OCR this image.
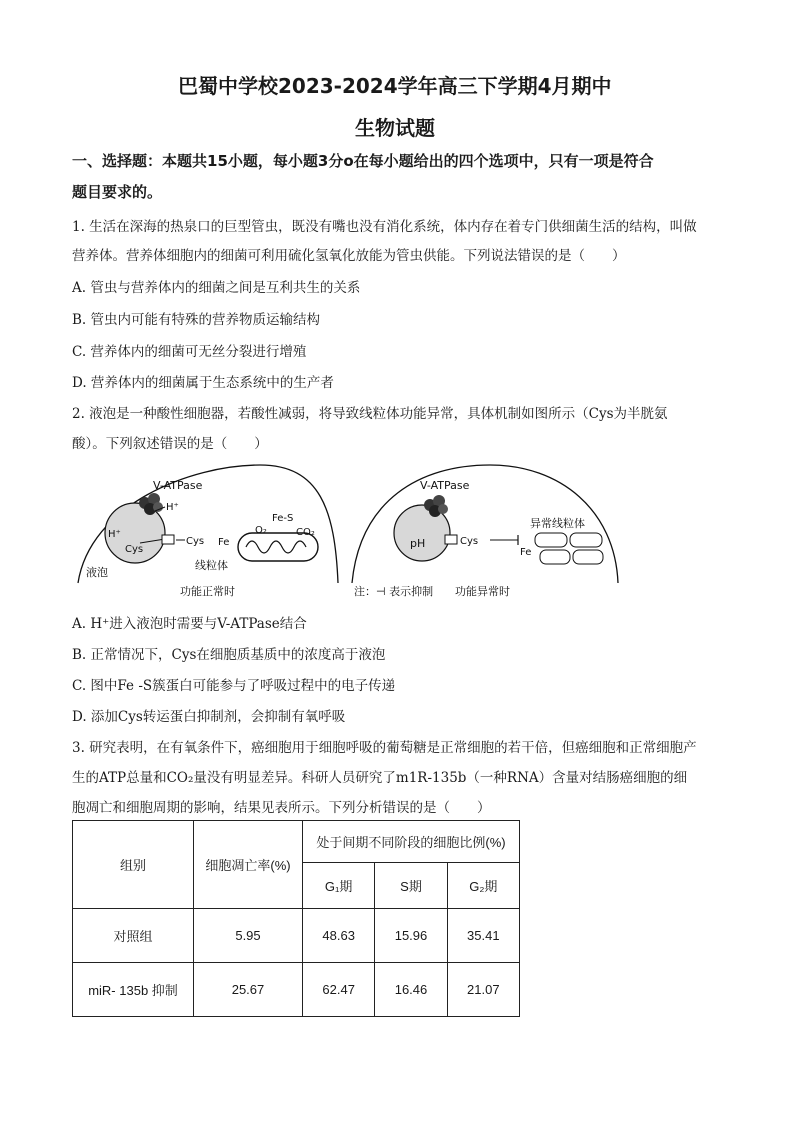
巴蜀中学校2023-2024学年高三下学期4月期中
生物试题
一、选择题：本题共15小题，每小题3分o在每小题给出的四个选项中，只有一项是符合
题目要求的。
1. 生活在深海的热泉口的巨型管虫，既没有嘴也没有消化系统，体内存在着专门供细菌生活的结构，叫做
营养体。营养体细胞内的细菌可利用硫化氢氧化放能为管虫供能。下列说法错误的是（　　）
A. 管虫与营养体内的细菌之间是互利共生的关系
B. 管虫内可能有特殊的营养物质运输结构
C. 营养体内的细菌可无丝分裂进行增殖
D. 营养体内的细菌属于生态系统中的生产者
2. 液泡是一种酸性细胞器，若酸性减弱，将导致线粒体功能异常，具体机制如图所示（Cys为半胱氨
酸）。下列叙述错误的是（　　）
V-ATPase
H⁺
H⁺
Cys
Cys
液泡
Fe
Fe-S
O₂	CO₂
线粒体
功能正常时
V-ATPase
pH	Cys
Fe
异常线粒体
注：⊣ 表示抑制 功能异常时
A. H⁺进入液泡时需要与V-ATPase结合
B. 正常情况下，Cys在细胞质基质中的浓度高于液泡
C. 图中Fe -S簇蛋白可能参与了呼吸过程中的电子传递
D. 添加Cys转运蛋白抑制剂，会抑制有氧呼吸
3. 研究表明，在有氧条件下，癌细胞用于细胞呼吸的葡萄糖是正常细胞的若干倍，但癌细胞和正常细胞产
生的ATP总量和CO₂量没有明显差异。科研人员研究了m1R-135b（一种RNA）含量对结肠癌细胞的细
胞凋亡和细胞周期的影响，结果见表所示。下列分析错误的是（　　）
组别	细胞凋亡率(%)	处于间期不同阶段的细胞比例(%)		
		G₁期	S期	G₂期
对照组	5.95	48.63	15.96	35.41
miR- 135b 抑制	25.67	62.47	16.46	21.07
